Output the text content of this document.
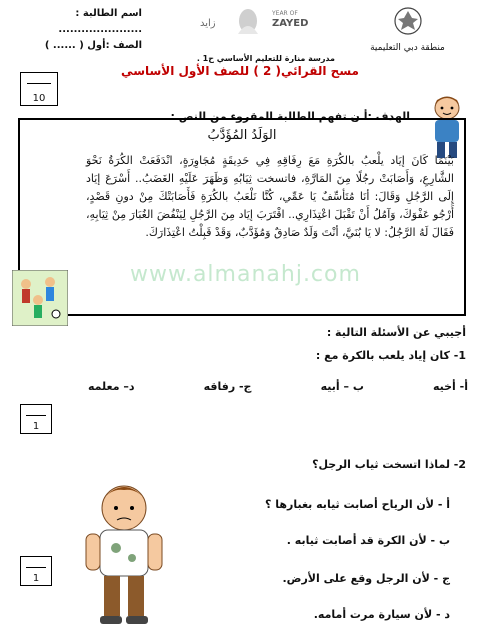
منطقة دبي التعليمية
مدرسة منارة للتعليم الأساسي ح1 .
اسم الطالبة : ......................
الصف :أول ( ...... )
زايد
YEAR OF
ZAYED
مسح القرائي( 2 ) للصف الأول الأساسي
10
الهدف :أ ن تفهم الطالبة المقروء من النص :
الوَلَدُ المُؤَدَّبُ
بَيْنَمَا كَانَ إيَاد يلْعبُ بالكُرَةِ مَعَ رِفَاقِهِ فِي حَدِيقَةٍ مُجَاوِرَةٍ، انْدَفَعَتْ الكُرَةُ نَحْوَ الشَّارِعِ، وَأَصَابَتْ رجُلًا مِنَ المَارَّةِ، فاتسخت ثِيَابُهِ وَظَهَرَ عَلَيْهِ الغَضَبُ.. أَسْرَعَ إيَاد إِلَى الرَّجُلِ وَقَالَ: أنَا مُتَأسِّفٌ يَا عَمِّي، كُنَّا نَلْعَبُ بالكُرَةِ فَأَصَابَتْكَ مِنْ دونِ قَصْدٍ، أَرْجُو عَفْوَكَ، وَآمُلُ أَنْ تَقْبَلَ اعْتِذَارِي.. اقْتَرَبَ إيَاد مِنَ الرَّجُلِ لِيَنْفُضَ الغُبَارَ مِنْ ثِيَابِهِ، فَقَالَ لَهُ الرَّجُلُ: لا يَا بُنَيَّ، أنْتَ وَلَدٌ صَادِقٌ وَمُؤَدَّبٌ، وَقَدْ قَبِلْتُ اعْتِذَارَكَ.
www.almanahj.com
أجيبي عن الأسئلة التالية :
1- كان إياد يلعب بالكرة مع :
أ- أخيه
ب – أبيه
ج- رفاقه
د– معلمه
1
2- لماذا اتسخت ثياب الرجل؟
أ - لأن الرياح أصابت ثيابه بغبارها ؟
ب - لأن الكرة قد أصابت ثيابه .
ج - لأن الرجل وقع على الأرض.
د - لأن سيارة مرت أمامه.
1
